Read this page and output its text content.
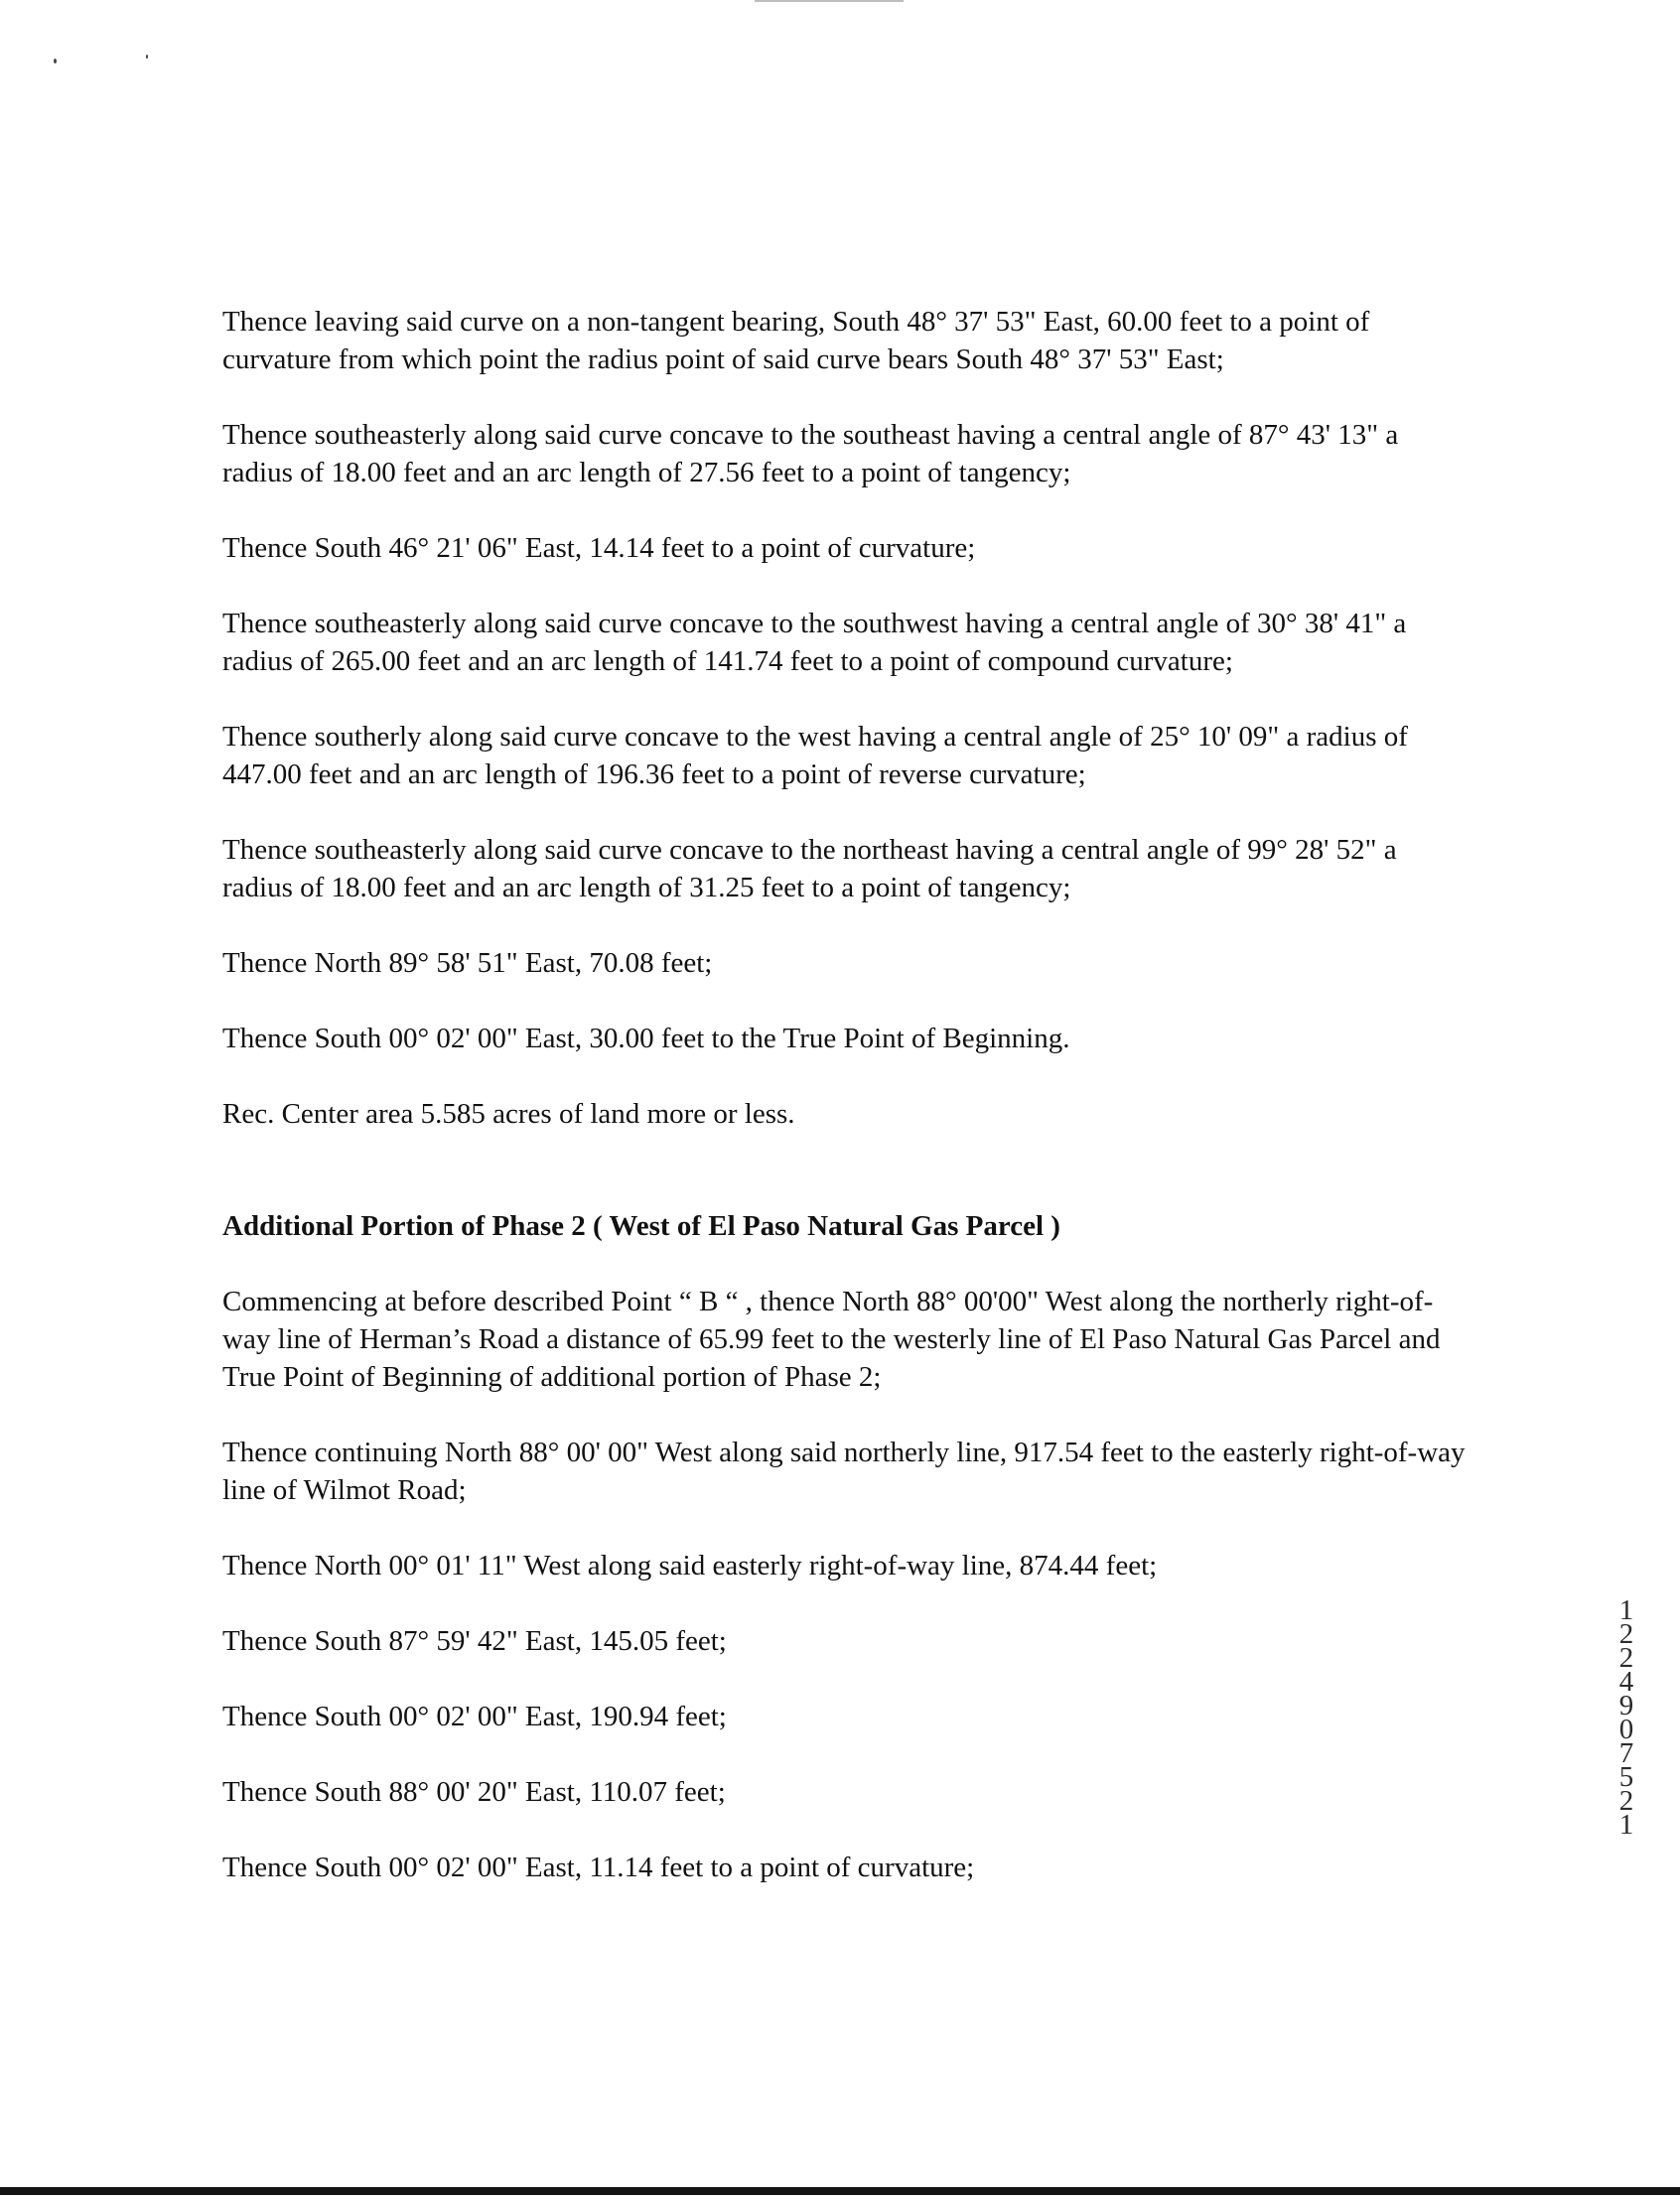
Thence leaving said curve on a non-tangent bearing, South 48° 37' 53" East, 60.00 feet to a point of curvature from which point the radius point of said curve bears South 48° 37' 53" East;

Thence southeasterly along said curve concave to the southeast having a central angle of 87° 43' 13" a radius of 18.00 feet and an arc length of 27.56 feet to a point of tangency;

Thence South 46° 21' 06" East, 14.14 feet to a point of curvature;

Thence southeasterly along said curve concave to the southwest having a central angle of 30° 38' 41" a radius of 265.00 feet and an arc length of 141.74 feet to a point of compound curvature;

Thence southerly along said curve concave to the west having a central angle of 25° 10' 09" a radius of 447.00 feet and an arc length of 196.36 feet to a point of reverse curvature;

Thence southeasterly along said curve concave to the northeast having a central angle of 99° 28' 52" a radius of 18.00 feet and an arc length of 31.25 feet to a point of tangency;

Thence North 89° 58' 51" East, 70.08 feet;

Thence South 00° 02' 00" East, 30.00 feet to the True Point of Beginning.

Rec. Center area 5.585 acres of land more or less.

Additional Portion of Phase 2 ( West of El Paso Natural Gas Parcel )

Commencing at before described Point “ B “ , thence North 88° 00'00" West along the northerly right-of-way line of Herman’s Road a distance of 65.99 feet to the westerly line of El Paso Natural Gas Parcel and True Point of Beginning of additional portion of Phase 2;

Thence continuing North 88° 00' 00" West along said northerly line, 917.54 feet to the easterly right-of-way line of Wilmot Road;

Thence North 00° 01' 11" West along said easterly right-of-way line, 874.44 feet;

Thence South 87° 59' 42" East, 145.05 feet;

Thence South 00° 02' 00" East, 190.94 feet;

Thence South 88° 00' 20" East, 110.07 feet;

Thence South 00° 02' 00" East, 11.14 feet to a point of curvature;

12249 07521
